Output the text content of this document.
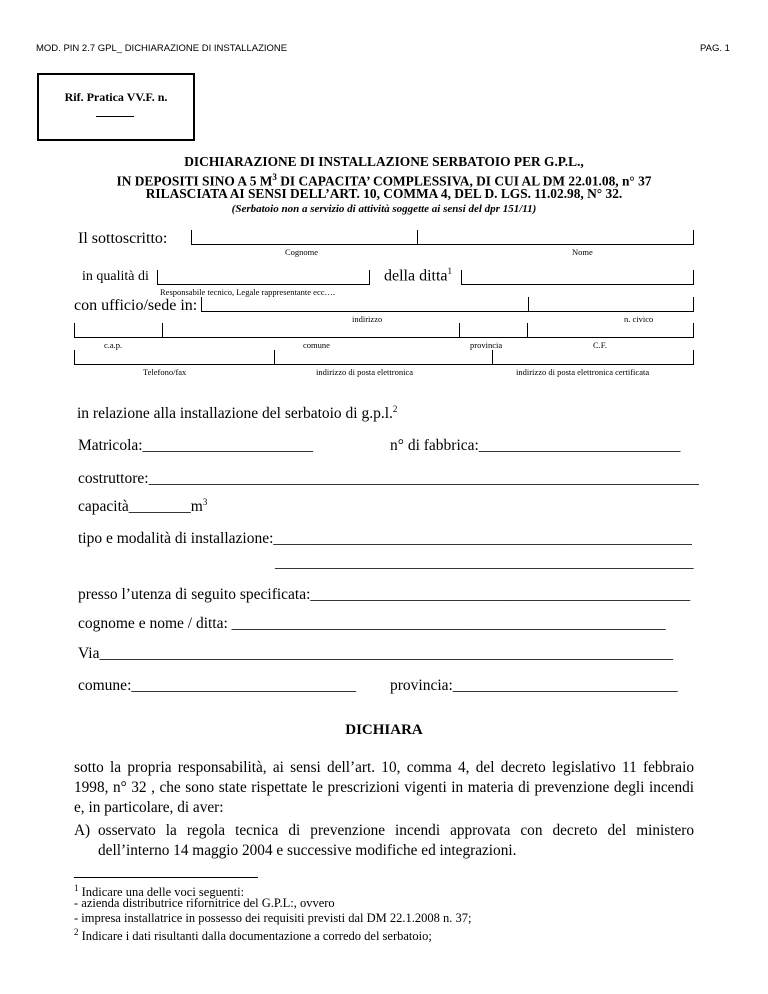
MOD. PIN 2.7 GPL_ DICHIARAZIONE DI INSTALLAZIONE	PAG. 1
Rif. Pratica VV.F. n.
DICHIARAZIONE DI INSTALLAZIONE SERBATOIO PER G.P.L.,
IN DEPOSITI SINO A 5 $M^3$ DI CAPACITA’ COMPLESSIVA, DI CUI AL DM 22.01.08, n° 37
RILASCIATA AI SENSI DELL’ART. 10, COMMA 4, DEL D. LGS. 11.02.98, N° 32.
(Serbatoio non a servizio di attività soggette ai sensi del dpr 151/11)
Il sottoscritto:
Cognome	Nome
in qualità di	della ditta$^1$
Responsabile tecnico, Legale rappresentante ecc….
con ufficio/sede in:
indirizzo	n. civico
c.a.p.	comune	provincia	C.F.
Telefono/fax	indirizzo di posta elettronica	indirizzo di posta elettronica certificata
in relazione alla installazione del serbatoio di g.p.l.$^2$
Matricola:______________________	n° di fabbrica:__________________________
costruttore:_______________________________________________________________________
$capacità\_\_\_\_\_\_\_\_m^3$
tipo e modalità di installazione:______________________________________________________
______________________________________________________
presso l’utenza di seguito specificata:_________________________________________________
cognome e nome / ditta: ________________________________________________________
Via__________________________________________________________________________
comune:_____________________________ provincia:_____________________________
DICHIARA
sotto la propria responsabilità, ai sensi dell’art. 10, comma 4, del decreto legislativo 11 febbraio 1998, n° 32 , che sono state rispettate le prescrizioni vigenti in materia di prevenzione degli incendi e, in particolare, di aver:
A) osservato la regola tecnica di prevenzione incendi approvata con decreto del ministero dell’interno 14 maggio 2004 e successive modifiche ed integrazioni.
$^1$ Indicare una delle voci seguenti:
- azienda distributrice rifornitrice del G.P.L:, ovvero
- impresa installatrice in possesso dei requisiti previsti dal DM 22.1.2008 n. 37;
$^2$ Indicare i dati risultanti dalla documentazione a corredo del serbatoio;
